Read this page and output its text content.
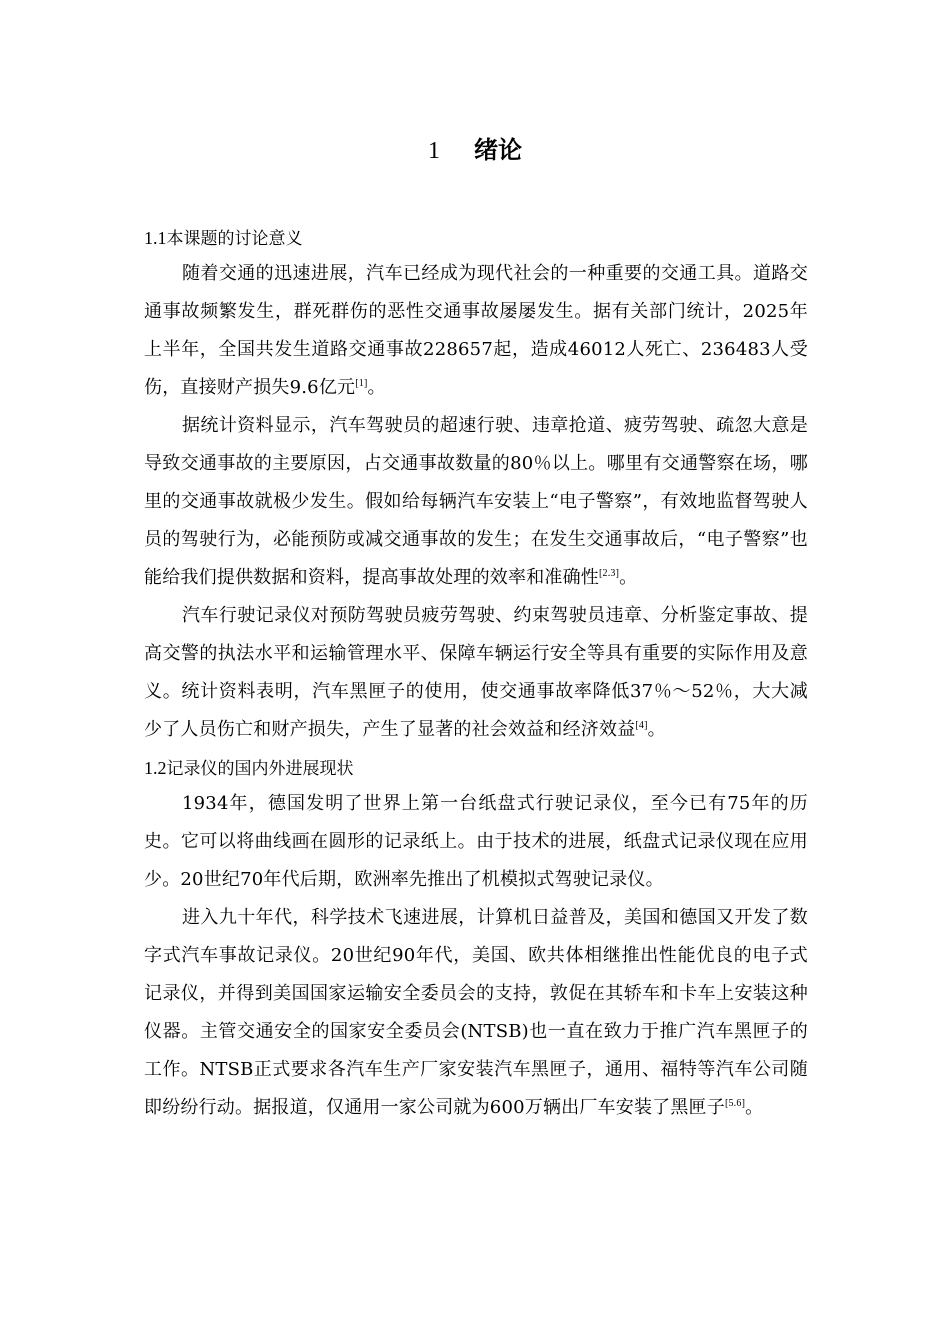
1 绪论

1.1本课题的讨论意义

随着交通的迅速进展，汽车已经成为现代社会的一种重要的交通工具。道路交通事故频繁发生，群死群伤的恶性交通事故屡屡发生。据有关部门统计，2025年上半年，全国共发生道路交通事故228657起，造成46012人死亡、236483人受伤，直接财产损失9.6亿元[1]。

据统计资料显示，汽车驾驶员的超速行驶、违章抢道、疲劳驾驶、疏忽大意是导致交通事故的主要原因，占交通事故数量的80％以上。哪里有交通警察在场，哪里的交通事故就极少发生。假如给每辆汽车安装上“电子警察”，有效地监督驾驶人员的驾驶行为，必能预防或减交通事故的发生；在发生交通事故后，“电子警察”也能给我们提供数据和资料，提高事故处理的效率和准确性[2.3]。

汽车行驶记录仪对预防驾驶员疲劳驾驶、约束驾驶员违章、分析鉴定事故、提高交警的执法水平和运输管理水平、保障车辆运行安全等具有重要的实际作用及意义。统计资料表明，汽车黑匣子的使用，使交通事故率降低37％～52％，大大减少了人员伤亡和财产损失，产生了显著的社会效益和经济效益[4]。

1.2记录仪的国内外进展现状

1934年，德国发明了世界上第一台纸盘式行驶记录仪，至今已有75年的历史。它可以将曲线画在圆形的记录纸上。由于技术的进展，纸盘式记录仪现在应用少。20世纪70年代后期，欧洲率先推出了机模拟式驾驶记录仪。

进入九十年代，科学技术飞速进展，计算机日益普及，美国和德国又开发了数字式汽车事故记录仪。20世纪90年代，美国、欧共体相继推出性能优良的电子式记录仪，并得到美国国家运输安全委员会的支持，敦促在其轿车和卡车上安装这种仪器。主管交通安全的国家安全委员会(NTSB)也一直在致力于推广汽车黑匣子的工作。NTSB正式要求各汽车生产厂家安装汽车黑匣子，通用、福特等汽车公司随即纷纷行动。据报道，仅通用一家公司就为600万辆出厂车安装了黑匣子[5.6]。
